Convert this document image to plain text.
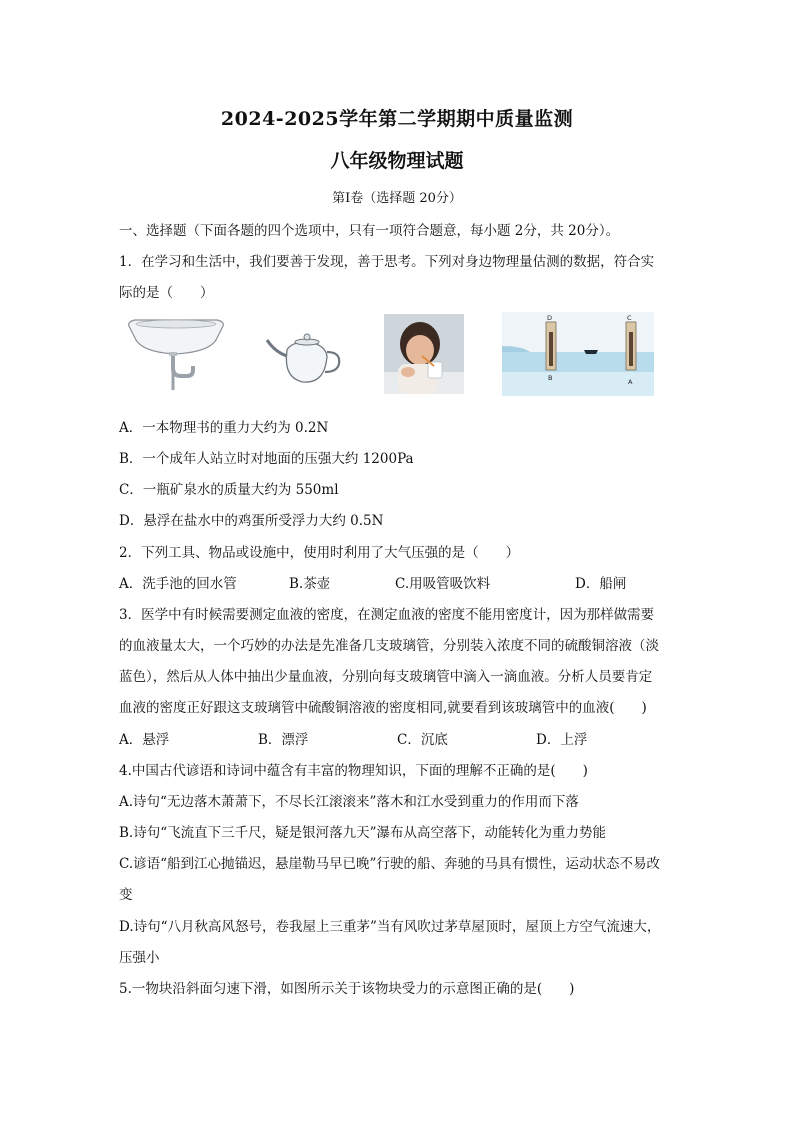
2024-2025学年第二学期期中质量监测
八年级物理试题
第Ⅰ卷（选择题 20分）
一、选择题（下面各题的四个选项中，只有一项符合题意，每小题 2分，共 20分）。
1．在学习和生活中，我们要善于发现，善于思考。下列对身边物理量估测的数据，符合实
际的是（　　）
D	C
B	A
A．一本物理书的重力大约为 0.2N
B．一个成年人站立时对地面的压强大约 1200Pa
C．一瓶矿泉水的质量大约为 550ml
D．悬浮在盐水中的鸡蛋所受浮力大约 0.5N
2．下列工具、物品或设施中，使用时利用了大气压强的是（　　）
A．洗手池的回水管	B.茶壶	C.用吸管吸饮料	D．船闸
3．医学中有时候需要测定血液的密度，在测定血液的密度不能用密度计，因为那样做需要
的血液量太大，一个巧妙的办法是先准备几支玻璃管，分别装入浓度不同的硫酸铜溶液（淡
蓝色），然后从人体中抽出少量血液，分别向每支玻璃管中滴入一滴血液。分析人员要肯定
血液的密度正好跟这支玻璃管中硫酸铜溶液的密度相同,就要看到该玻璃管中的血液(　　)
A．悬浮	B．漂浮	C．沉底	D．上浮
4.中国古代谚语和诗词中蕴含有丰富的物理知识，下面的理解不正确的是(　　)
A.诗句“无边落木萧萧下，不尽长江滚滚来”落木和江水受到重力的作用而下落
B.诗句“飞流直下三千尺，疑是银河落九天”瀑布从高空落下，动能转化为重力势能
C.谚语“船到江心抛锚迟，悬崖勒马早已晚”行驶的船、奔驰的马具有惯性，运动状态不易改
变
D.诗句“八月秋高风怒号，卷我屋上三重茅”当有风吹过茅草屋顶时，屋顶上方空气流速大，
压强小
5.一物块沿斜面匀速下滑，如图所示关于该物块受力的示意图正确的是(　　)
